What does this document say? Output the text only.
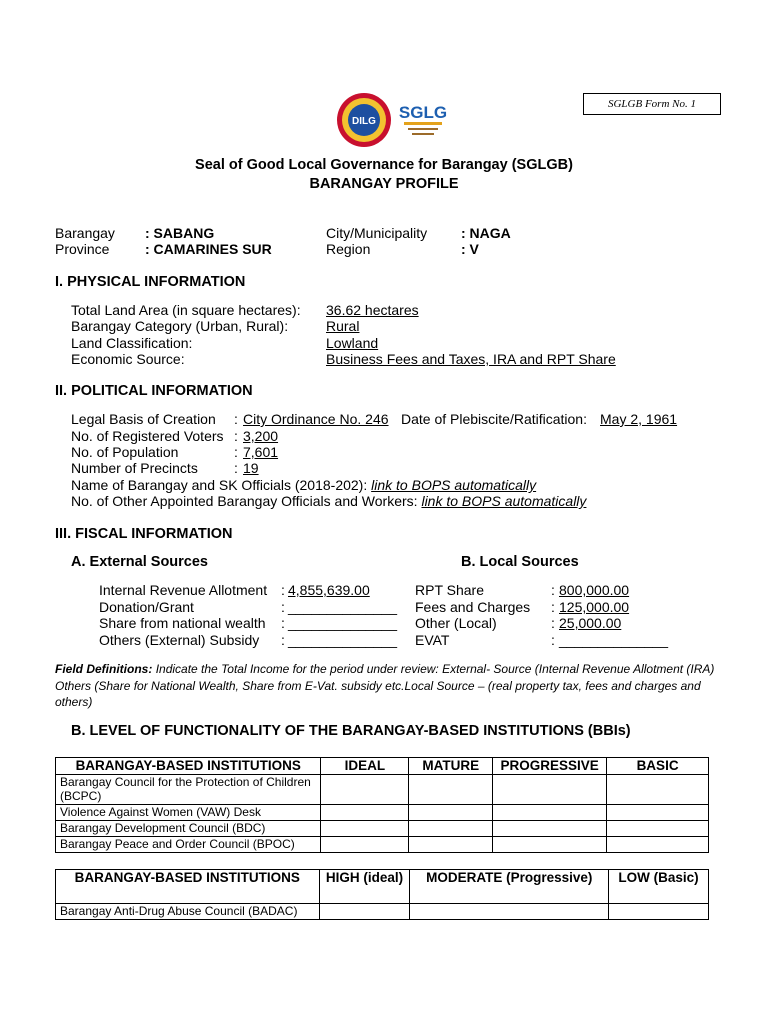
SGLGB Form No. 1
DILG SGLG
Seal of Good Local Governance for Barangay (SGLGB)
BARANGAY PROFILE
Barangay : SABANG
Province	: CAMARINES SUR
City/Municipality : NAGA
Region	: V
I. PHYSICAL INFORMATION
Total Land Area (in square hectares): 36.62 hectares
Barangay Category (Urban, Rural):	Rural
Land Classification:	Lowland
Economic Source:	Business Fees and Taxes, IRA and RPT Share
II. POLITICAL INFORMATION
Legal Basis of Creation : City Ordinance No. 246 Date of Plebiscite/Ratification: May 2, 1961
No. of Registered Voters : 3,200
No. of Population	: 7,601
Number of Precincts	: 19
Name of Barangay and SK Officials (2018-202): link to BOPS automatically
No. of Other Appointed Barangay Officials and Workers: link to BOPS automatically
III. FISCAL INFORMATION
A. External Sources	B. Local Sources
Internal Revenue Allotment : 4,855,639.00
Donation/Grant	: ______________
Share from national wealth : ______________
Others (External) Subsidy : ______________
RPT Share	: 800,000.00
Fees and Charges : 125,000.00
Other (Local)	: 25,000.00
EVAT	: ______________
Field Definitions: Indicate the Total Income for the period under review: External- Source (Internal Revenue Allotment (IRA) Others (Share for National Wealth, Share from E-Vat. subsidy etc.Local Source – (real property tax, fees and charges and others)
B. LEVEL OF FUNCTIONALITY OF THE BARANGAY-BASED INSTITUTIONS (BBIs)
BARANGAY-BASED INSTITUTIONS	IDEAL	MATURE	PROGRESSIVE	BASIC
Barangay Council for the Protection of Children (BCPC)				
Violence Against Women (VAW) Desk				
Barangay Development Council (BDC)				
Barangay Peace and Order Council (BPOC)				
BARANGAY-BASED INSTITUTIONS	HIGH (ideal)	MODERATE (Progressive)	LOW (Basic)
Barangay Anti-Drug Abuse Council (BADAC)			
